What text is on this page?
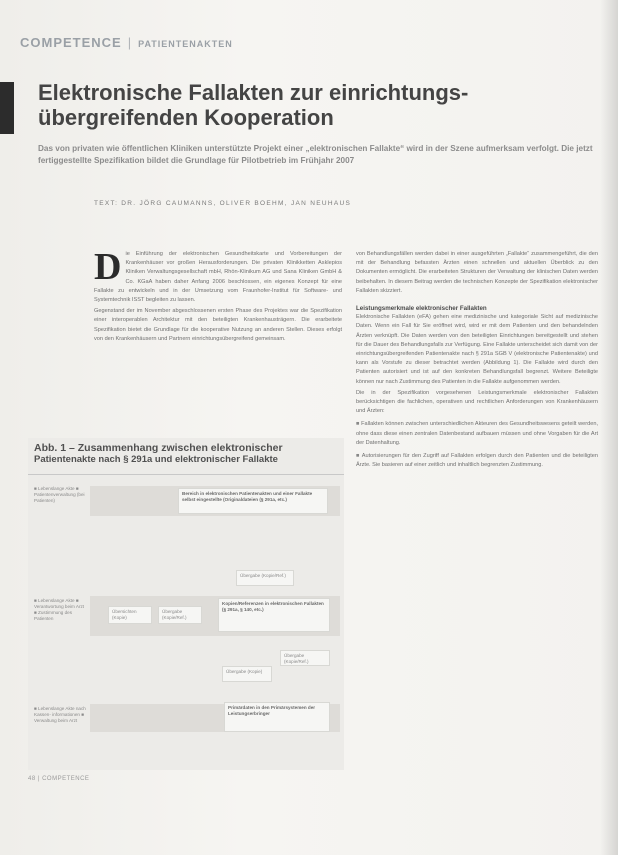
COMPETENCE | PATIENTENAKTEN
Elektronische Fallakten zur einrichtungs-übergreifenden Kooperation
Das von privaten wie öffentlichen Kliniken unterstützte Projekt einer „elektronischen Fallakte“ wird in der Szene aufmerksam verfolgt. Die jetzt fertiggestellte Spezifikation bildet die Grundlage für Pilotbetrieb im Frühjahr 2007
TEXT: DR. JÖRG CAUMANNS, OLIVER BOEHM, JAN NEUHAUS
D ie Einführung der elektronischen Gesundheitskarte und Vorbereitungen der Krankenhäuser vor großen Herausforderungen. Die privaten Klinikketten Asklepios Kliniken Verwaltungsgesellschaft mbH, Rhön-Klinikum AG und Sana Kliniken GmbH & Co. KGaA haben daher Anfang 2006 beschlossen, ein eigenes Konzept für eine Fallakte zu entwickeln und in der Umsetzung vom Fraunhofer-Institut für Software- und Systemtechnik ISST begleiten zu lassen.

Gegenstand der im November abgeschlossenen ersten Phase des Projektes war die Spezifikation einer interoperablen Architektur mit den beteiligten Krankenhausträgern. Die erarbeitete Spezifikation bietet die Grundlage für die kooperative Nutzung an anderen Stellen. Dieses erfolgt von den Krankenhäusern und Partnern einrichtungsübergreifend gemeinsam.

von Behandlungsfällen werden dabei in einer ausgeführten „Fallakte“ zusammengeführt, die den mit der Behandlung befassten Ärzten einen schnellen und aktuellen Überblick zu den Dokumenten ermöglicht. Die erarbeiteten Strukturen der Verwaltung der klinischen Daten werden beibehalten. In diesem Beitrag werden die technischen Konzepte der Spezifikation elektronischer Fallakten skizziert.

Leistungsmerkmale elektronischer Fallakten

Elektronische Fallakten (eFA) gehen eine medizinische und kategoriale Sicht auf medizinische Daten. Wenn ein Fall für Sie eröffnet wird, wird er mit dem Patienten und den behandelnden Ärzten verknüpft. Die Daten werden von den beteiligten Einrichtungen bereitgestellt und stehen für die Dauer des Behandlungsfalls zur Verfügung. Eine Fallakte unterscheidet sich damit von der einrichtungsübergreifenden Patientenakte nach § 291a SGB V (elektronische Patientenakte) und kann als Vorstufe zu dieser betrachtet werden (Abbildung 1). Die Fallakte wird durch den Patienten autorisiert und ist auf den konkreten Behandlungsfall begrenzt. Weitere Beteiligte können nur nach Zustimmung des Patienten in die Fallakte aufgenommen werden.

Die in der Spezifikation vorgesehenen Leistungsmerkmale elektronischer Fallakten berücksichtigen die fachlichen, operativen und rechtlichen Anforderungen von Krankenhäusern und Ärzten:

■ Fallakten können zwischen unterschiedlichen Akteuren des Gesundheitswesens geteilt werden, ohne dass diese einen zentralen Datenbestand aufbauen müssen und ohne Vorgaben für die Art der Datenhaltung.
■ Autorisierungen für den Zugriff auf Fallakten erfolgen durch den Patienten und die beteiligten Ärzte. Sie basieren auf einer zeitlich und inhaltlich begrenzten Zustimmung.
Abb. 1 – Zusammenhang zwischen elektronischer
Patientenakte nach § 291a und elektronischer Fallakte
■ Lebenslange Akte ■ Patientenverwaltung (bei Patienten)
■ Lebenslange Akte ■ Verantwortung beim Arzt ■ Zustimmung des Patienten
■ Lebenslange Akte nach Kassen- informationen ■ Verwaltung beim Arzt
Bereich in elektronischen Patientenakten und einer Fallakte selbst eingestellte (Originaldateien (§ 291a, etc.)
Übergabe (Kopie/Ref.)
Übersichten (Kopie)
Übergabe (Kopie/Ref.)
Kopien/Referenzen in elektronischen Fallakten (§ 291a, § 140, etc.)
Übergabe (Kopie/Ref.)
Übergabe (Kopie)
Primärdaten in den Primärsystemen der Leistungserbringer
48 | COMPETENCE
